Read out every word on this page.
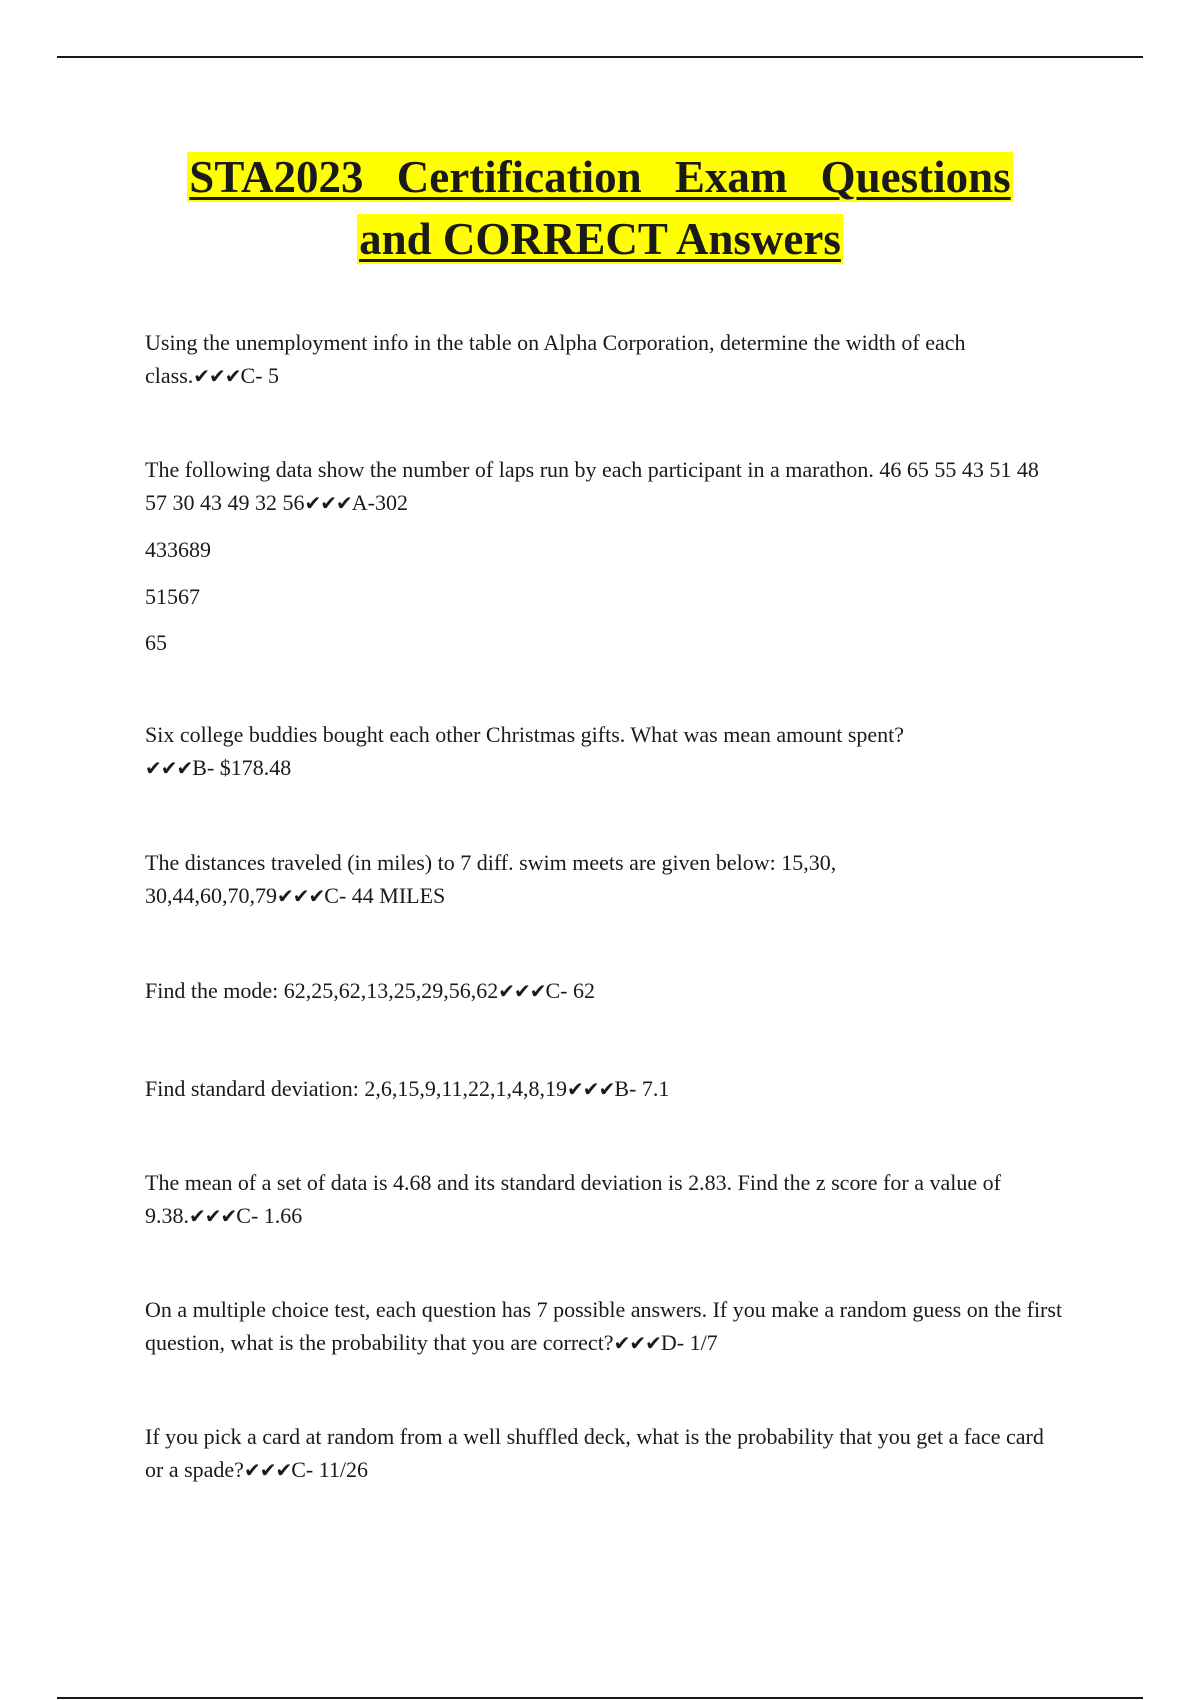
STA2023 Certification Exam Questions
and CORRECT Answers

Using the unemployment info in the table on Alpha Corporation, determine the width of each class.✔✔✔C- 5

The following data show the number of laps run by each participant in a marathon. 46 65 55 43 51 48 57 30 43 49 32 56✔✔✔A-302

433689

51567

65

Six college buddies bought each other Christmas gifts. What was mean amount spent?✔✔✔B- $178.48

The distances traveled (in miles) to 7 diff. swim meets are given below: 15,30, 30,44,60,70,79✔✔✔C- 44 MILES

Find the mode: 62,25,62,13,25,29,56,62✔✔✔C- 62

Find standard deviation: 2,6,15,9,11,22,1,4,8,19✔✔✔B- 7.1

The mean of a set of data is 4.68 and its standard deviation is 2.83. Find the z score for a value of 9.38.✔✔✔C- 1.66

On a multiple choice test, each question has 7 possible answers. If you make a random guess on the first question, what is the probability that you are correct?✔✔✔D- 1/7

If you pick a card at random from a well shuffled deck, what is the probability that you get a face card or a spade?✔✔✔C- 11/26
